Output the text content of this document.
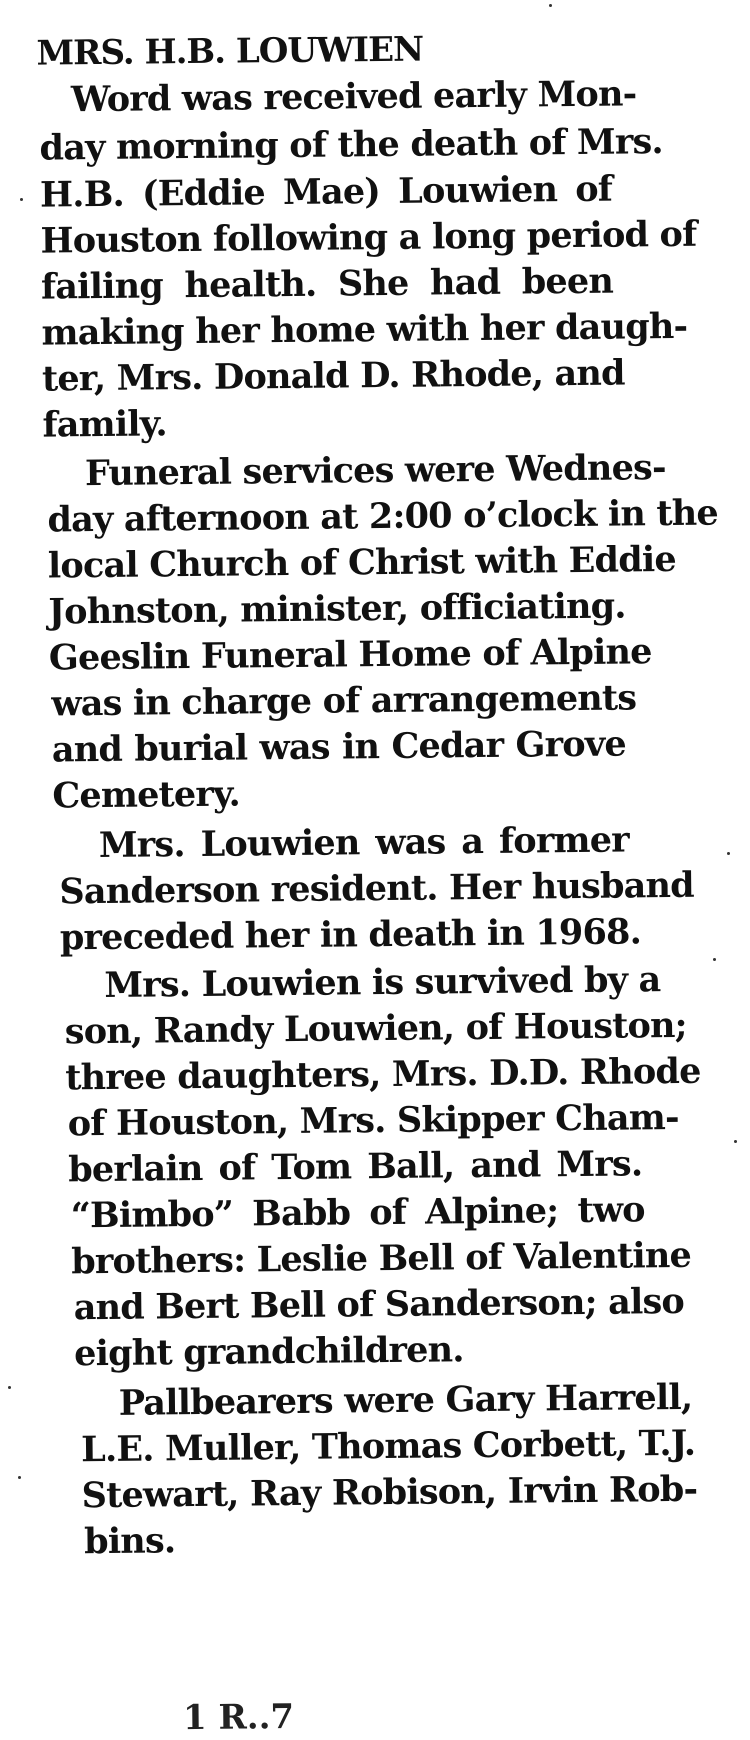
MRS. H.B. LOUWIEN
Word was received early Mon-
day morning of the death of Mrs.
H.B. (Eddie Mae) Louwien of
Houston following a long period of
failing health. She had been
making her home with her daugh-
ter, Mrs. Donald D. Rhode, and
family.
Funeral services were Wednes-
day afternoon at 2:00 o’clock in the
local Church of Christ with Eddie
Johnston, minister, officiating.
Geeslin Funeral Home of Alpine
was in charge of arrangements
and burial was in Cedar Grove
Cemetery.
Mrs. Louwien was a former
Sanderson resident. Her husband
preceded her in death in 1968.
Mrs. Louwien is survived by a
son, Randy Louwien, of Houston;
three daughters, Mrs. D.D. Rhode
of Houston, Mrs. Skipper Cham-
berlain of Tom Ball, and Mrs.
“Bimbo” Babb of Alpine; two
brothers: Leslie Bell of Valentine
and Bert Bell of Sanderson; also
eight grandchildren.
Pallbearers were Gary Harrell,
L.E. Muller, Thomas Corbett, T.J.
Stewart, Ray Robison, Irvin Rob-
bins.
1 R..7
